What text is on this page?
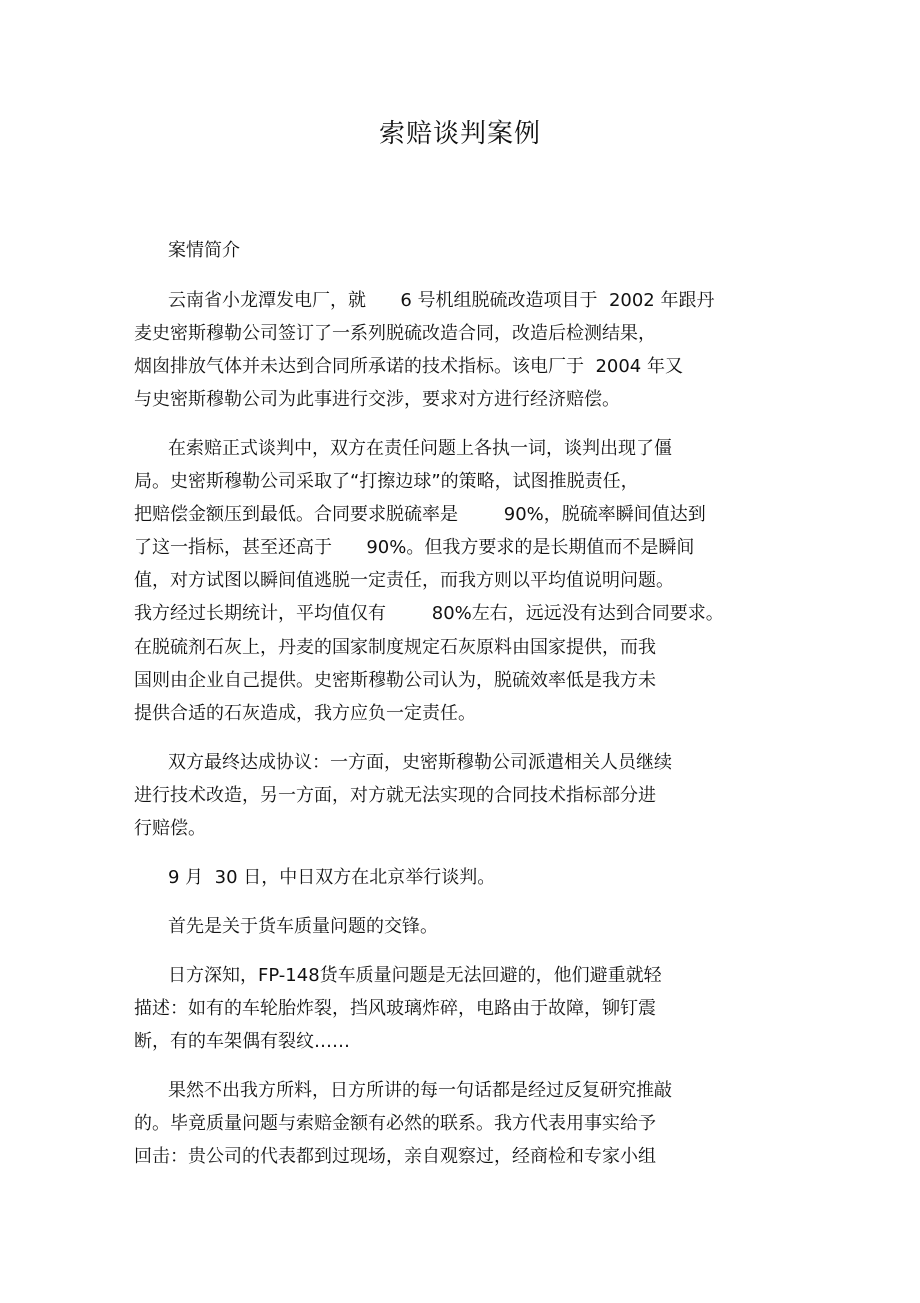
索赔谈判案例
案情简介
云南省小龙潭发电厂，就      6 号机组脱硫改造项目于  2002 年跟丹
麦史密斯穆勒公司签订了一系列脱硫改造合同，改造后检测结果，
烟囱排放气体并未达到合同所承诺的技术指标。该电厂于  2004 年又
与史密斯穆勒公司为此事进行交涉，要求对方进行经济赔偿。
在索赔正式谈判中，双方在责任问题上各执一词，谈判出现了僵
局。史密斯穆勒公司采取了“打擦边球”的策略，试图推脱责任，
把赔偿金额压到最低。合同要求脱硫率是        90%，脱硫率瞬间值达到
了这一指标，甚至还高于      90%。但我方要求的是长期值而不是瞬间
值，对方试图以瞬间值逃脱一定责任，而我方则以平均值说明问题。
我方经过长期统计，平均值仅有        80%左右，远远没有达到合同要求。
在脱硫剂石灰上，丹麦的国家制度规定石灰原料由国家提供，而我
国则由企业自己提供。史密斯穆勒公司认为，脱硫效率低是我方未
提供合适的石灰造成，我方应负一定责任。
双方最终达成协议：一方面，史密斯穆勒公司派遣相关人员继续
进行技术改造，另一方面，对方就无法实现的合同技术指标部分进
行赔偿。
9 月  30 日，中日双方在北京举行谈判。
首先是关于货车质量问题的交锋。
日方深知，FP-148货车质量问题是无法回避的，他们避重就轻
描述：如有的车轮胎炸裂，挡风玻璃炸碎，电路由于故障，铆钉震
断，有的车架偶有裂纹……
果然不出我方所料，日方所讲的每一句话都是经过反复研究推敲
的。毕竟质量问题与索赔金额有必然的联系。我方代表用事实给予
回击：贵公司的代表都到过现场，亲自观察过，经商检和专家小组
